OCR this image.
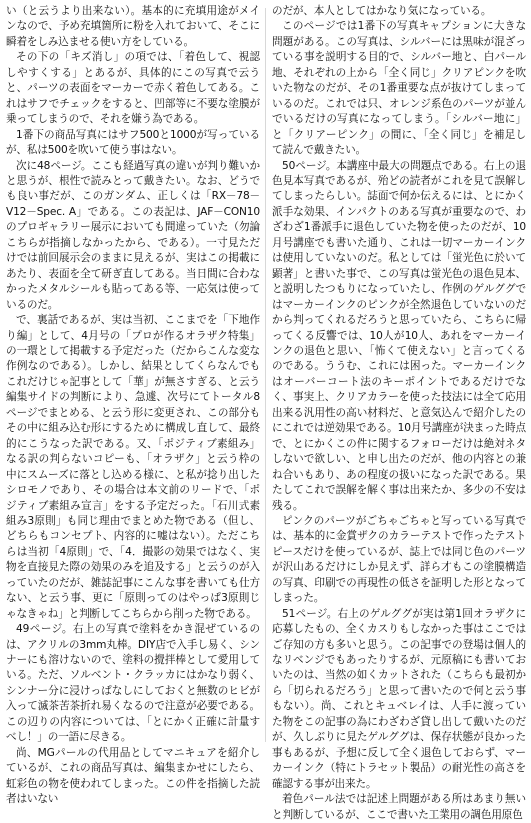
い（と云うより出来ない）。基本的に充填用途がメインなので、予め充填箇所に粉を入れておいて、そこに瞬着をしみ込ませる使い方をしている。

その下の「キズ消し」の項では、「着色して、視認しやすくする」とあるが、具体的にこの写真で云うと、パーツの表面をマーカーで赤く着色してある。これはサフでチェックをすると、凹部等に不要な塗膜が乗ってしまうので、それを嫌う為である。

1番下の商品写真にはサフ500と1000が写っているが、私は500を吹いて使う事はない。

次に48ページ。ここも経過写真の違いが判り難いかと思うが、根性で読みとって戴きたい。なお、どうでも良い事だが、このガンダム、正しくは「RX－78－V12－Spec. A」である。この表記は、JAF－CON10のプロギャラリー展示においても間違っていた（勿論こちらが指摘しなかったから、である）。一寸見ただけでは前回展示会のままに見えるが、実はこの掲載にあたり、表面を全て研ぎ直してある。当日間に合わなかったメタルシールも貼ってある等、一応気は使っているのだ。

で、裏話であるが、実は当初、ここまでを「下地作り編」として、4月号の「プロが作るオラザク特集」の一環として掲載する予定だった（だからこんな変な作例なのである）。しかし、結果としてくらなんでもこれだけじゃ記事として「華」が無さすぎる、と云う編集サイドの判断により、急遽、次号にてトータル8ページでまとめる、と云う形に変更され、この部分もその中に組み込む形にするために構成し直して、最終的にこうなった訳である。又、「ポジティブ素組み」なる訳の判らないコピーも、「オラザク」と云う枠の中にスムーズに落とし込める様に、と私が捻り出したシロモノであり、その場合は本文前のリードで、「ポジティブ素組み宣言」をする予定だった。「石川式素組み3原則」も同じ理由でまとめた物である（但し、どちらもコンセプト、内容的に嘘はない）。ただこちらは当初「4原則」で、「4．撮影の効果ではなく、実物を直接見た際の効果のみを追及する」と云うのが入っていたのだが、雑誌記事にこんな事を書いても仕方ない、と云う事、更に「原則ってのはやっぱ3原則じゃなきゃね」と判断してこちらから削った物である。

49ページ。右上の写真で塗料をかき混ぜているのは、アクリルの3mm丸棒。DIY店で入手し易く、シンナーにも溶けないので、塗料の攪拌棒として愛用している。ただ、ソルベント・クラッカにはかなり弱く、シンナー分に浸けっぱなしにしておくと無数のヒビが入って滅茶苦茶折れ易くなるので注意が必要である。この辺りの内容については、「とにかく正確に計量すべし！」の一語に尽きる。

尚、MGパールの代用品としてマニキュアを紹介しているが、これの商品写真は、編集まかせにしたら、虹彩色の物を使われてしまった。この件を指摘した読者はいない

のだが、本人としてはかなり気になっている。

このページでは1番下の写真キャプションに大きな問題がある。この写真は、シルバーには黒味が混ざっている事を説明する目的で、シルバー地と、白パール地、それぞれの上から「全く同じ」クリアピンクを吹いた物なのだが、その1番重要な点が抜けてしまっているのだ。これでは只、オレンジ系色のパーツが並んでいるだけの写真になってしまう。「シルバー地に」と「クリアーピンク」の間に、「全く同じ」を補足して読んで戴きたい。

50ページ。本講座中最大の問題点である。右上の退色見本写真であるが、殆どの読者がこれを見て誤解してしまったらしい。誌面で何か伝えるには、とにかく派手な効果、インパクトのある写真が重要なので、わざわざ1番派手に退色していた物を使ったのだが、10月号講座でも書いた通り、これは一切マーカーインクは使用していないのだ。私としては「蛍光色に於いて顕著」と書いた事で、この写真は蛍光色の退色見本、と説明したつもりになっていたし、作例のゲルググではマーカーインクのピンクが全然退色していないのだから判ってくれるだろうと思っていたら、こちらに帰ってくる反響では、10人が10人、あれをマーカーインクの退色と思い、「怖くて使えない」と言ってくるのである。ううむ、これには困った。マーカーインクはオーバーコート法のキーポイントであるだけでなく、事実上、クリアカラーを使った技法には全て応用出来る汎用性の高い材料だ、と意気込んで紹介したのにこれでは逆効果である。10月号講座が決まった時点で、とにかくこの件に関するフォローだけは絶対ネタしないで欲しい、と申し出たのだが、他の内容との兼ね合いもあり、あの程度の扱いになった訳である。果たしてこれで誤解を解く事は出来たか、多少の不安は残る。

ピンクのパーツがごちゃごちゃと写っている写真では、基本的に金賞ザクのカラーテストで作ったテストピースだけを使っているが、誌上では同じ色のパーツが沢山あるだけにしか見えず、詳ら才もこの塗膜構造の写真、印刷での再現性の低さを証明した形となってしまった。

51ページ。右上のゲルググが実は第1回オラザクに応募したもの、全くカスりもしなかった事はここではご存知の方も多いと思う。この記事での登場は個人的なリベンジでもあったりするが、元原稿にも書いておいたのは、当然の如くカットされた（こちらも最初から「切られるだろう」と思って書いたので何と云う事もない）。尚、これとキュベレイは、人手に渡っていた物をこの記事の為にわざわざ貸し出して戴いたのだが、久しぶりに見たゲルググは、保存状態が良かった事もあるが、予想に反して全く退色しておらず、マーカーインク（特にトラセット製品）の耐光性の高さを確認する事が出来た。

着色パール法では記述上問題がある所はあまり無いと判断しているが、ここで書いた工業用の調色用原色
